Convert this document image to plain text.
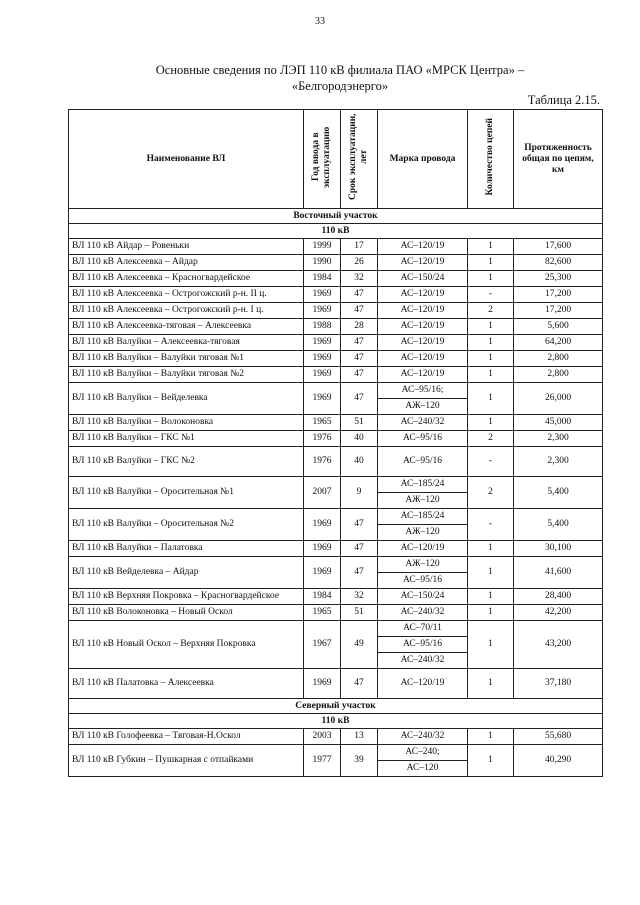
33
Основные сведения по ЛЭП 110 кВ филиала ПАО «МРСК Центра» –
«Белгородэнерго»
Таблица 2.15.
Наименование ВЛ	Год ввода в эксплуатацию	Срок эксплуатации, лет	Марка провода	Количество цепей	Протяженность общая по цепям, км
Восточный участок					
110 кВ					
ВЛ 110 кВ Айдар – Ровеньки	1999	17	АС–120/19	1	17,600
ВЛ 110 кВ Алексеевка – Айдар	1990	26	АС–120/19	1	82,600
ВЛ 110 кВ Алексеевка – Красногвардейское	1984	32	АС–150/24	1	25,300
ВЛ 110 кВ Алексеевка – Острогожский р-н. II ц.	1969	47	АС–120/19	-	17,200
ВЛ 110 кВ Алексеевка – Острогожский р-н. I ц.	1969	47	АС–120/19	2	17,200
ВЛ 110 кВ Алексеевка-тяговая – Алексеевка	1988	28	АС–120/19	1	5,600
ВЛ 110 кВ Валуйки – Алексеевка-тяговая	1969	47	АС–120/19	1	64,200
ВЛ 110 кВ Валуйки – Валуйки тяговая №1	1969	47	АС–120/19	1	2,800
ВЛ 110 кВ Валуйки – Валуйки тяговая №2	1969	47	АС–120/19	1	2,800
ВЛ 110 кВ Валуйки – Вейделевка	1969	47	АС–95/16;	1	26,000
			АЖ–120		
ВЛ 110 кВ Валуйки – Волоконовка	1965	51	АС–240/32	1	45,000
ВЛ 110 кВ Валуйки – ГКС №1	1976	40	АС–95/16	2	2,300
ВЛ 110 кВ Валуйки – ГКС №2	1976	40	АС–95/16	-	2,300
ВЛ 110 кВ Валуйки – Оросительная №1	2007	9	АС–185/24	2	5,400
			АЖ–120		
ВЛ 110 кВ Валуйки – Оросительная №2	1969	47	АС–185/24	-	5,400
			АЖ–120		
ВЛ 110 кВ Валуйки – Палатовка	1969	47	АС–120/19	1	30,100
ВЛ 110 кВ Вейделевка – Айдар	1969	47	АЖ–120	1	41,600
			АС–95/16		
ВЛ 110 кВ Верхняя Покровка – Красногвардейское	1984	32	АС–150/24	1	28,400
ВЛ 110 кВ Волоконовка – Новый Оскол	1965	51	АС–240/32	1	42,200
ВЛ 110 кВ Новый Оскол – Верхняя Покровка	1967	49	АС–70/11	1	43,200
			АС–95/16		
			АС–240/32		
ВЛ 110 кВ Палатовка – Алексеевка	1969	47	АС–120/19	1	37,180
Северный участок					
110 кВ					
ВЛ 110 кВ Голофеевка – Тяговая-Н.Оскол	2003	13	АС–240/32	1	55,680
ВЛ 110 кВ Губкин – Пушкарная с отпайками	1977	39	АС–240;	1	40,290
			АС–120		
